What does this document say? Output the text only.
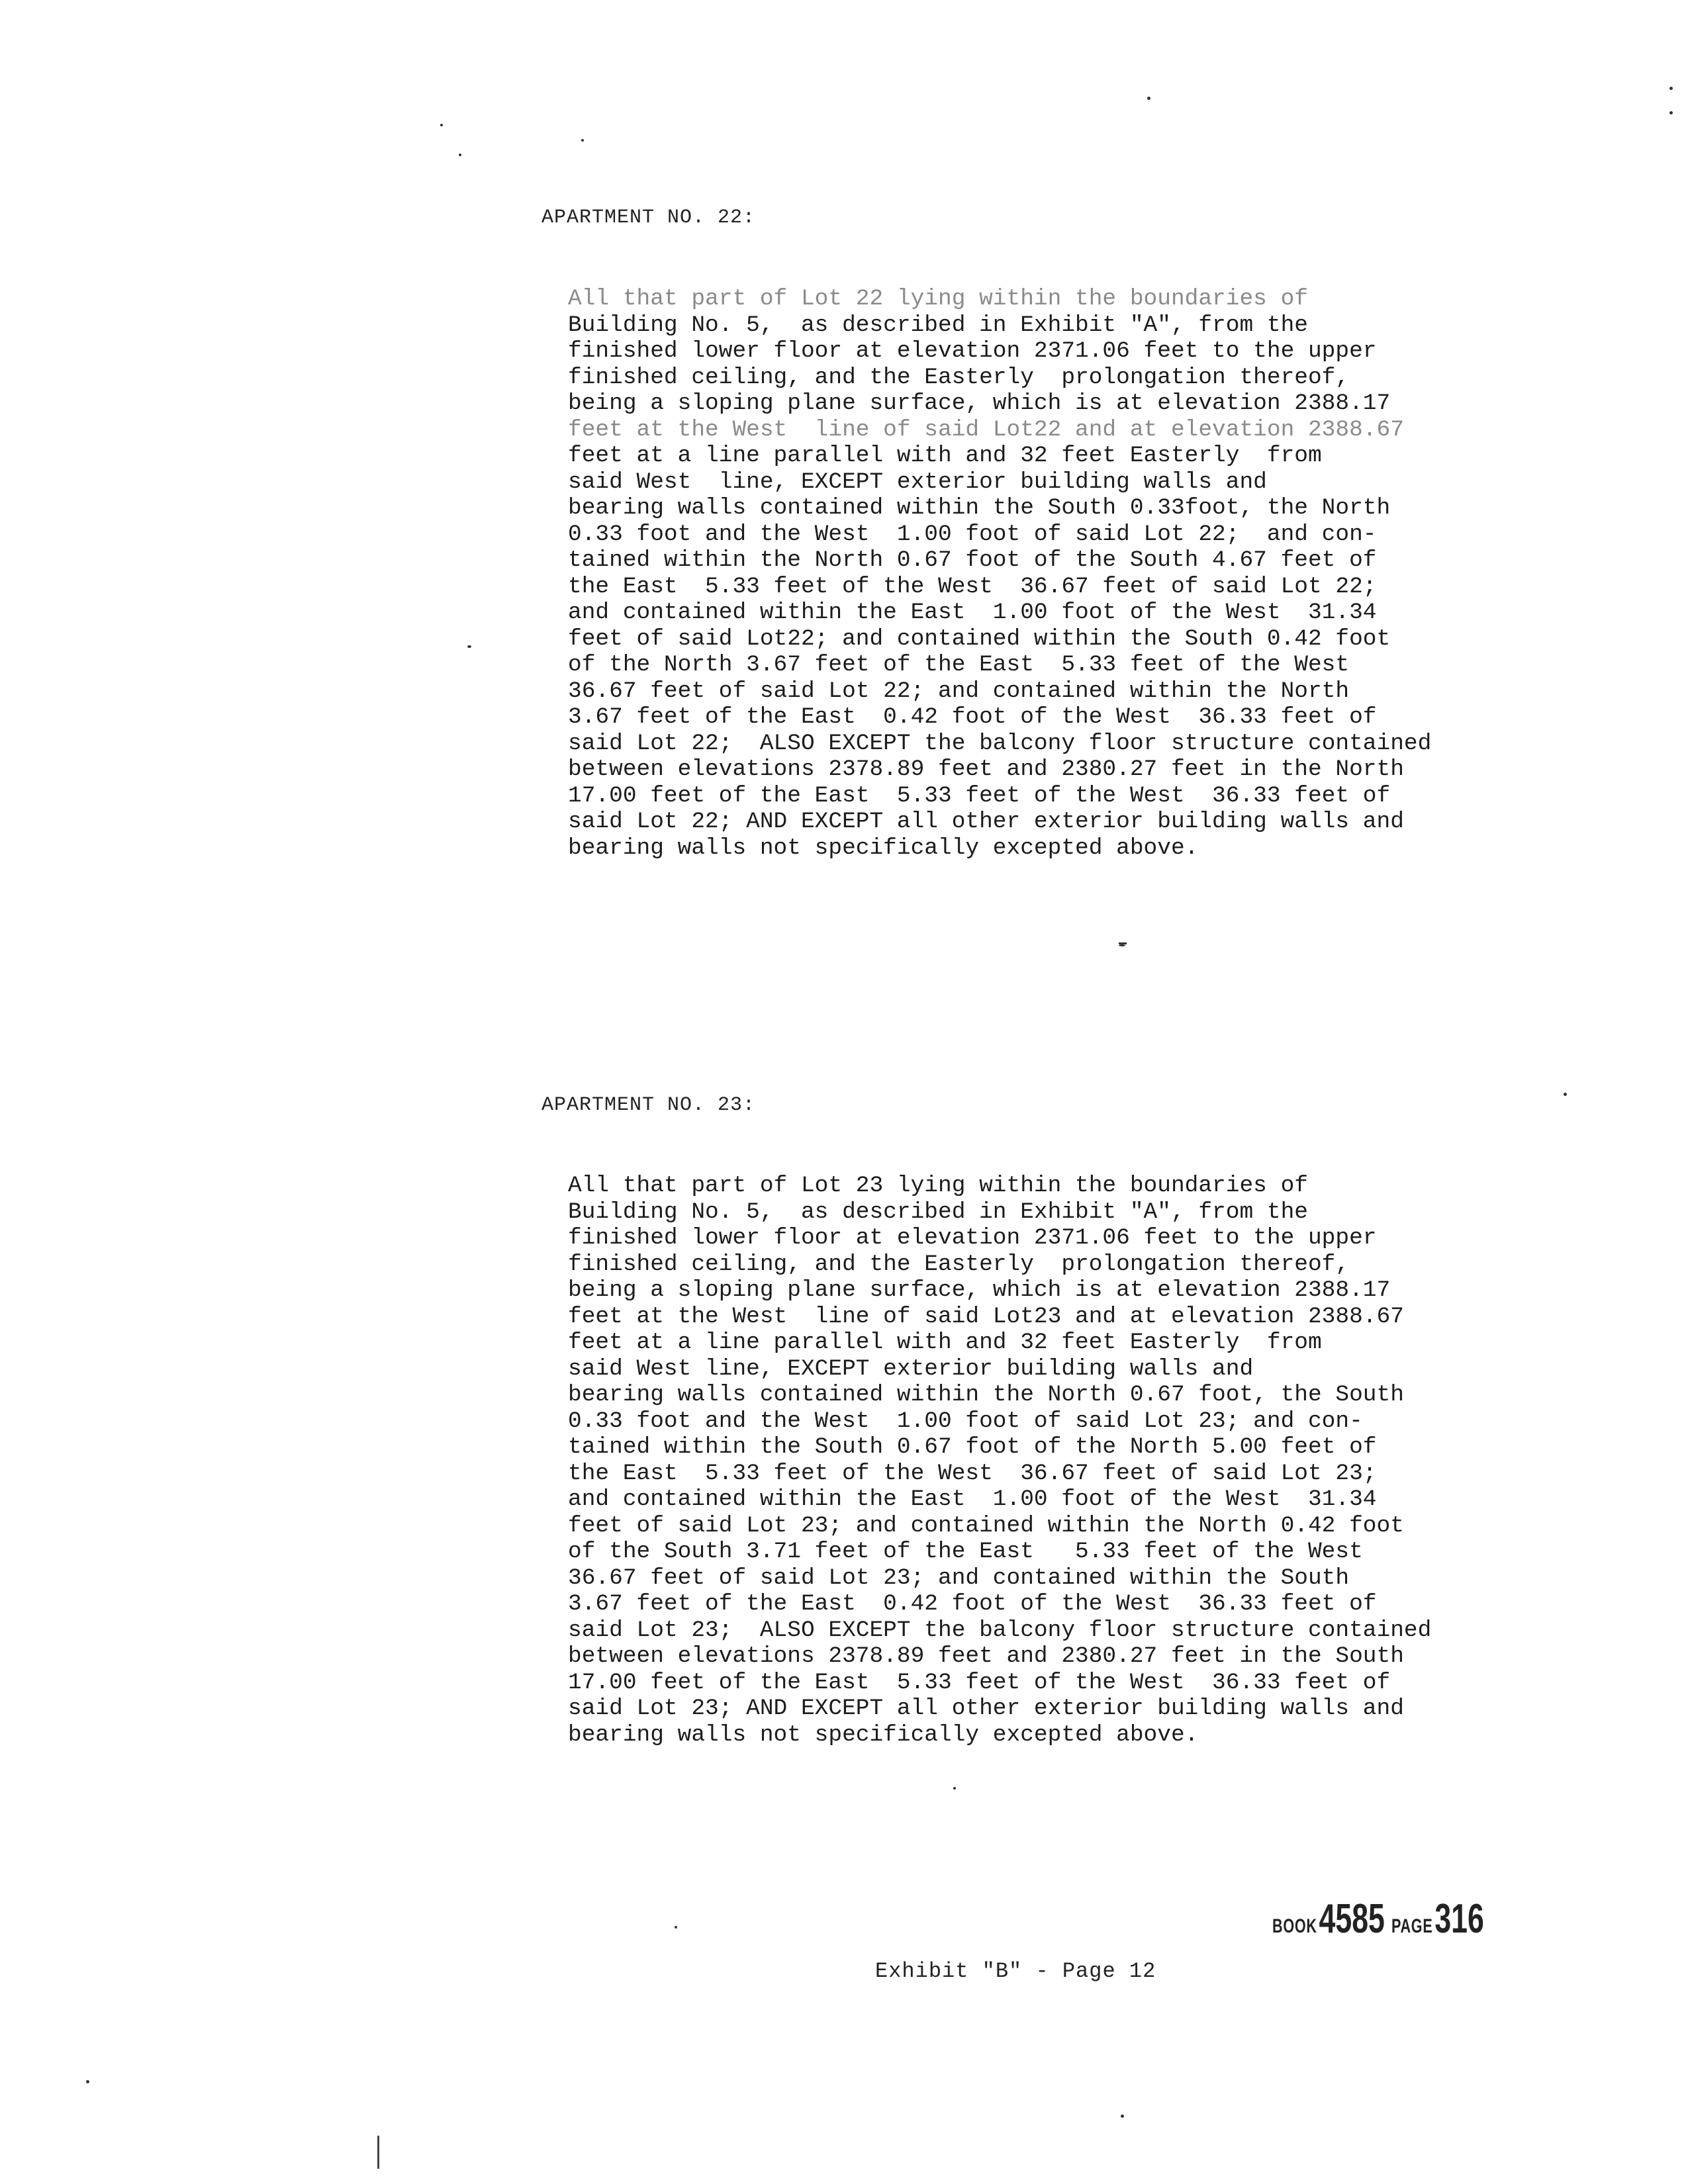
APARTMENT NO. 22:
All that part of Lot 22 lying within the boundaries of
Building No. 5,  as described in Exhibit "A", from the
finished lower floor at elevation 2371.06 feet to the upper
finished ceiling, and the Easterly  prolongation thereof,
being a sloping plane surface, which is at elevation 2388.17
feet at the West  line of said Lot22 and at elevation 2388.67
feet at a line parallel with and 32 feet Easterly  from
said West  line, EXCEPT exterior building walls and
bearing walls contained within the South 0.33foot, the North
0.33 foot and the West  1.00 foot of said Lot 22;  and con-
tained within the North 0.67 foot of the South 4.67 feet of
the East  5.33 feet of the West  36.67 feet of said Lot 22;
and contained within the East  1.00 foot of the West  31.34
feet of said Lot22; and contained within the South 0.42 foot
of the North 3.67 feet of the East  5.33 feet of the West
36.67 feet of said Lot 22; and contained within the North
3.67 feet of the East  0.42 foot of the West  36.33 feet of
said Lot 22;  ALSO EXCEPT the balcony floor structure contained
between elevations 2378.89 feet and 2380.27 feet in the North
17.00 feet of the East  5.33 feet of the West  36.33 feet of
said Lot 22; AND EXCEPT all other exterior building walls and
bearing walls not specifically excepted above.
APARTMENT NO. 23:
All that part of Lot 23 lying within the boundaries of
Building No. 5,  as described in Exhibit "A", from the
finished lower floor at elevation 2371.06 feet to the upper
finished ceiling, and the Easterly  prolongation thereof,
being a sloping plane surface, which is at elevation 2388.17
feet at the West  line of said Lot23 and at elevation 2388.67
feet at a line parallel with and 32 feet Easterly  from
said West line, EXCEPT exterior building walls and
bearing walls contained within the North 0.67 foot, the South
0.33 foot and the West  1.00 foot of said Lot 23; and con-
tained within the South 0.67 foot of the North 5.00 feet of
the East  5.33 feet of the West  36.67 feet of said Lot 23;
and contained within the East  1.00 foot of the West  31.34
feet of said Lot 23; and contained within the North 0.42 foot
of the South 3.71 feet of the East   5.33 feet of the West
36.67 feet of said Lot 23; and contained within the South
3.67 feet of the East  0.42 foot of the West  36.33 feet of
said Lot 23;  ALSO EXCEPT the balcony floor structure contained
between elevations 2378.89 feet and 2380.27 feet in the South
17.00 feet of the East  5.33 feet of the West  36.33 feet of
said Lot 23; AND EXCEPT all other exterior building walls and
bearing walls not specifically excepted above.
BOOK 4585 PAGE 316
Exhibit "B" - Page 12
